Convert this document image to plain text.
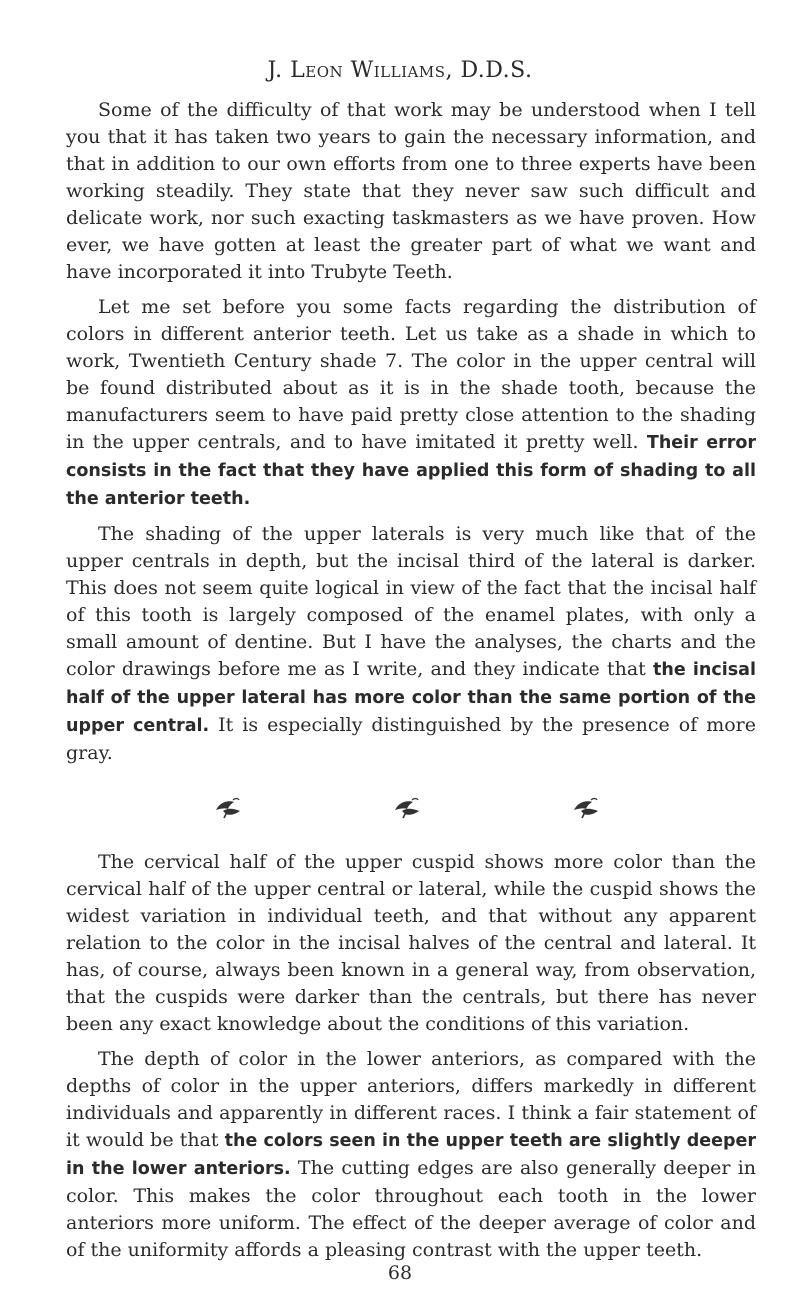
J. Leon Williams, D.D.S.

Some of the difficulty of that work may be understood when I tell you that it has taken two years to gain the necessary information, and that in addition to our own efforts from one to three experts have been working steadily. They state that they never saw such difficult and delicate work, nor such exacting taskmasters as we have proven. How ever, we have gotten at least the greater part of what we want and have incorporated it into Trubyte Teeth.

Let me set before you some facts regarding the distribution of colors in different anterior teeth. Let us take as a shade in which to work, Twentieth Century shade 7. The color in the upper central will be found distributed about as it is in the shade tooth, because the manufacturers seem to have paid pretty close attention to the shading in the upper centrals, and to have imitated it pretty well. Their error consists in the fact that they have applied this form of shading to all the anterior teeth.

The shading of the upper laterals is very much like that of the upper centrals in depth, but the incisal third of the lateral is darker. This does not seem quite logical in view of the fact that the incisal half of this tooth is largely composed of the enamel plates, with only a small amount of dentine. But I have the analyses, the charts and the color drawings before me as I write, and they indicate that the incisal half of the upper lateral has more color than the same portion of the upper central. It is especially distinguished by the presence of more gray.

The cervical half of the upper cuspid shows more color than the cervical half of the upper central or lateral, while the cuspid shows the widest variation in individual teeth, and that without any apparent relation to the color in the incisal halves of the central and lateral. It has, of course, always been known in a general way, from observation, that the cuspids were darker than the centrals, but there has never been any exact knowledge about the conditions of this variation.

The depth of color in the lower anteriors, as compared with the depths of color in the upper anteriors, differs markedly in different individuals and apparently in different races. I think a fair statement of it would be that the colors seen in the upper teeth are slightly deeper in the lower anteriors. The cutting edges are also generally deeper in color. This makes the color throughout each tooth in the lower anteriors more uniform. The effect of the deeper average of color and of the uniformity affords a pleasing contrast with the upper teeth.

68
